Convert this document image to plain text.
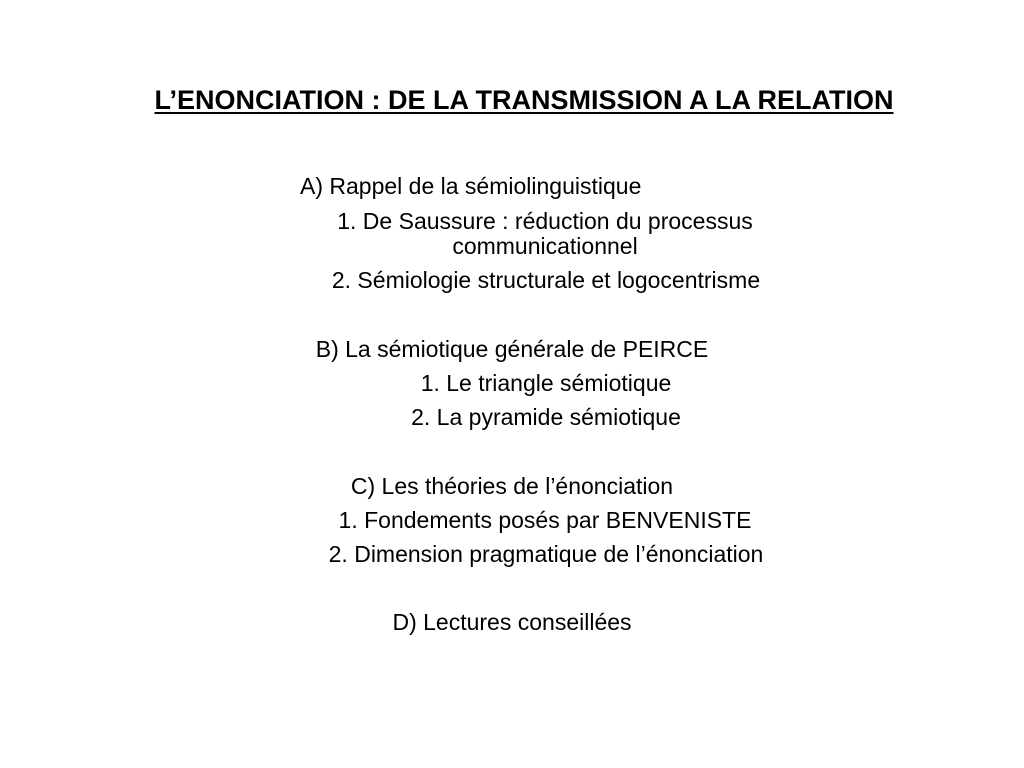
L’ENONCIATION : DE LA TRANSMISSION A LA RELATION
A) Rappel de la sémiolinguistique
1. De Saussure : réduction du processus communicationnel
2. Sémiologie structurale et logocentrisme
B) La sémiotique générale de PEIRCE
1. Le triangle sémiotique
2. La pyramide sémiotique
C) Les théories de l’énonciation
1. Fondements posés par BENVENISTE
2. Dimension pragmatique de l’énonciation
D) Lectures conseillées
